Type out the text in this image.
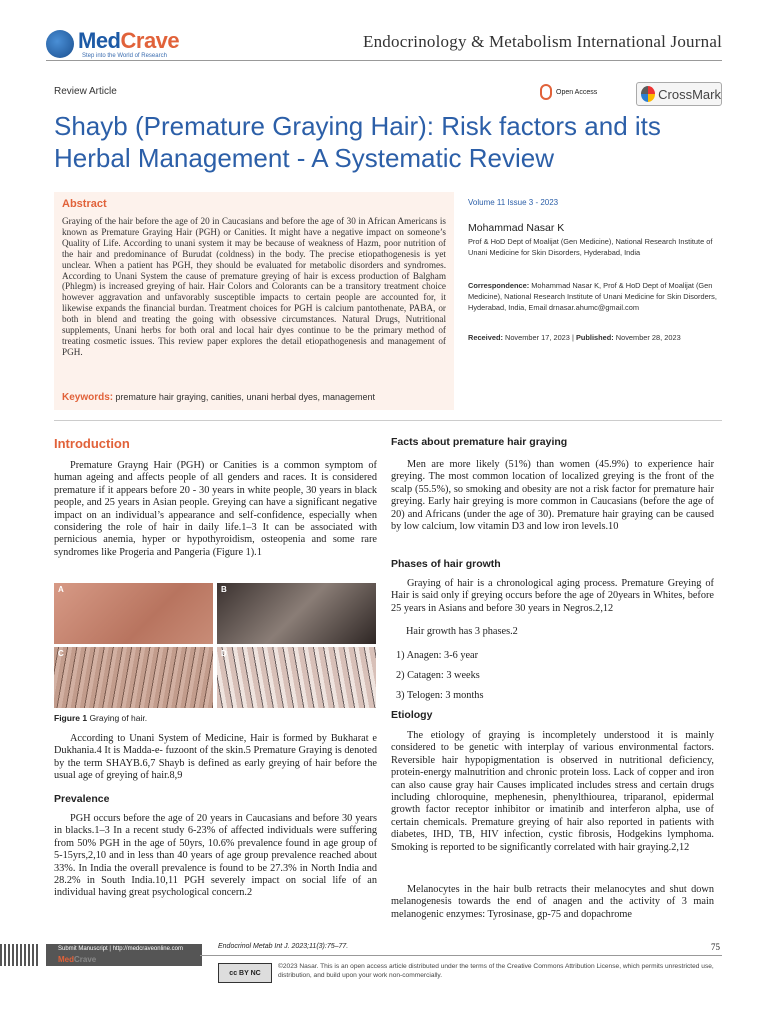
MedCrave
Step into the World of Research
Endocrinology & Metabolism International Journal
Review Article	Open Access	CrossMark
Shayb (Premature Graying Hair): Risk factors and its Herbal Management - A Systematic Review
Abstract
Graying of the hair before the age of 20 in Caucasians and before the age of 30 in African Americans is known as Premature Graying Hair (PGH) or Canities. It might have a negative impact on someone’s Quality of Life. According to unani system it may be because of weakness of Hazm, poor nutrition of the hair and predominance of Burudat (coldness) in the body. The precise etiopathogenesis is yet unclear. When a patient has PGH, they should be evaluated for metabolic disorders and syndromes. According to Unani System the cause of premature greying of hair is excess production of Balgham (Phlegm) is increased greying of hair. Hair Colors and Colorants can be a transitory treatment choice however aggravation and unfavorably susceptible impacts to certain people are accounted for, it likewise expands the financial burdan. Treatment choices for PGH is calcium pantothenate, PABA, or both in blend and treating the going with obsessive circumstances. Natural Drugs, Nutritional supplements, Unani herbs for both oral and local hair dyes continue to be the primary method of treating cosmetic issues. This review paper explores the detail etiopathogenesis and management of PGH.
Keywords: premature hair graying, canities, unani herbal dyes, management
Volume 11 Issue 3 - 2023
Mohammad Nasar K
Prof & HoD Dept of Moalijat (Gen Medicine), National Research Institute of Unani Medicine for Skin Disorders, Hyderabad, India
Correspondence: Mohammad Nasar K, Prof & HoD Dept of Moalijat (Gen Medicine), National Research Institute of Unani Medicine for Skin Disorders, Hyderabad, India, Email drnasar.ahumc@gmail.com
Received: November 17, 2023 | Published: November 28, 2023
Introduction
Premature Grayng Hair (PGH) or Canities is a common symptom of human ageing and affects people of all genders and races. It is considered premature if it appears before 20 - 30 years in white people, 30 years in black people, and 25 years in Asian people. Greying can have a significant negative impact on an individual’s appearance and self-confidence, especially when considering the role of hair in daily life.1–3 It can be associated with pernicious anemia, hyper or hypothyroidism, osteopenia and some rare syndromes like Progeria and Pangeria (Figure 1).1
A	B
C	D
Figure 1 Graying of hair.
According to Unani System of Medicine, Hair is formed by Bukharat e Dukhania.4 It is Madda-e- fuzoont of the skin.5 Premature Graying is denoted by the term SHAYB.6,7 Shayb is defined as early greying of hair before the usual age of greying of hair.8,9
Prevalence
PGH occurs before the age of 20 years in Caucasians and before 30 years in blacks.1–3 In a recent study 6-23% of affected individuals were suffering from 50% PGH in the age of 50yrs, 10.6% prevalence found in age group of 5-15yrs,2,10 and in less than 40 years of age group prevalence reached about 33%. In India the overall prevalence is found to be 27.3% in North India and 28.2% in South India.10,11 PGH severely impact on social life of an individual having great psychological concern.2
Facts about premature hair graying
Men are more likely (51%) than women (45.9%) to experience hair greying. The most common location of localized greying is the front of the scalp (55.5%), so smoking and obesity are not a risk factor for premature hair greying. Early hair greying is more common in Caucasians (before the age of 20) and Africans (under the age of 30). Premature hair graying can be caused by low calcium, low vitamin D3 and low iron levels.10
Phases of hair growth
Graying of hair is a chronological aging process. Premature Greying of Hair is said only if greying occurs before the age of 20years in Whites, before 25 years in Asians and before 30 years in Negros.2,12
Hair growth has 3 phases.2
1) Anagen: 3-6 year
2) Catagen: 3 weeks
3) Telogen: 3 months
Etiology
The etiology of graying is incompletely understood it is mainly considered to be genetic with interplay of various environmental factors. Reversible hair hypopigmentation is observed in nutritional deficiency, protein-energy malnutrition and chronic protein loss. Lack of copper and iron can also cause gray hair Causes implicated includes stress and certain drugs including chloroquine, mephenesin, phenylthiourea, triparanol, epidermal growth factor receptor inhibitor or imatinib and interferon alpha, use of certain chemicals. Premature greying of hair also reported in patients with diabetes, IHD, TB, HIV infection, cystic fibrosis, Hodgekins lymphoma. Smoking is reported to be significantly correlated with hair graying.2,12
Melanocytes in the hair bulb retracts their melanocytes and shut down melanogenesis towards the end of anagen and the activity of 3 main melanogenic enzymes: Tyrosinase, gp-75 and dopachrome
Submit Manuscript | http://medcraveonline.com
MedCrave
Endocrinol Metab Int J. 2023;11(3):75–77.	75
cc BY NC
©2023 Nasar. This is an open access article distributed under the terms of the Creative Commons Attribution License, which permits unrestricted use, distribution, and build upon your work non-commercially.
